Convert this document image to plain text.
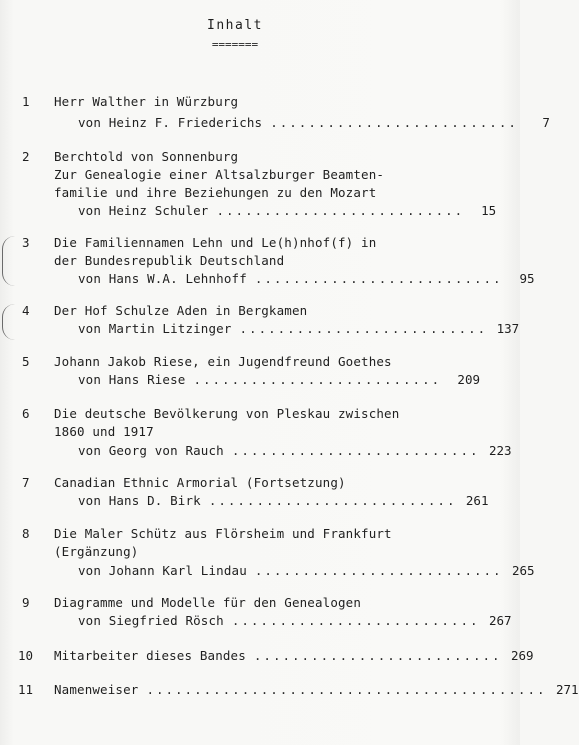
Inhalt
=======
1 Herr Walther in Würzburg
von Heinz F. Friederichs ..........................	7
2 Berchtold von Sonnenburg
Zur Genealogie einer Altsalzburger Beamten-
familie und ihre Beziehungen zu den Mozart
von Heinz Schuler ..........................	15
3 Die Familiennamen Lehn und Le(h)nhof(f) in
der Bundesrepublik Deutschland
von Hans W.A. Lehnhoff ..........................	95
4 Der Hof Schulze Aden in Bergkamen
von Martin Litzinger .......................... 137
5 Johann Jakob Riese, ein Jugendfreund Goethes
von Hans Riese ..........................	209
6 Die deutsche Bevölkerung von Pleskau zwischen
1860 und 1917
von Georg von Rauch .......................... 223
7 Canadian Ethnic Armorial (Fortsetzung)
von Hans D. Birk .......................... 261
8 Die Maler Schütz aus Flörsheim und Frankfurt
(Ergänzung)
von Johann Karl Lindau .......................... 265
9 Diagramme und Modelle für den Genealogen
von Siegfried Rösch .......................... 267
10 Mitarbeiter dieses Bandes .......................... 269
11 Namenweiser .......................................... 271
